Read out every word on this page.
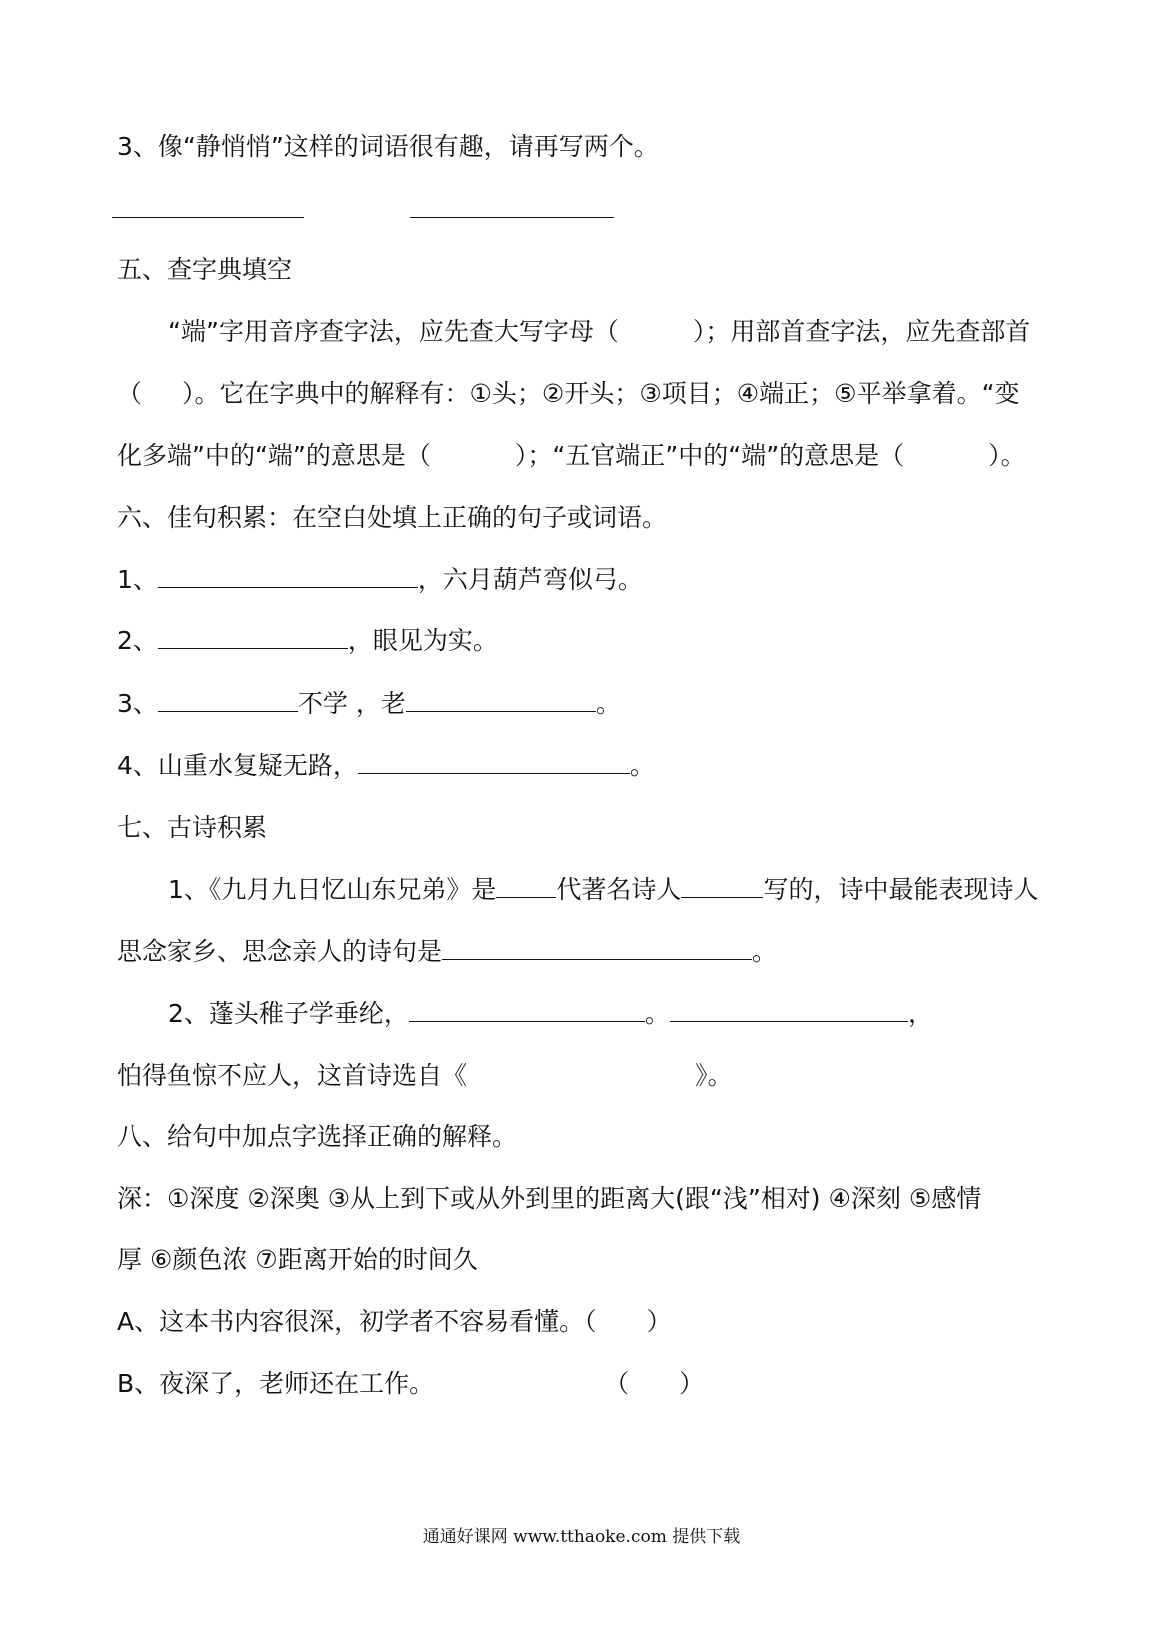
3、像“静悄悄”这样的词语很有趣，请再写两个。
五、查字典填空
“端”字用音序查字法，应先查大写字母（	）；用部首查字法，应先查部首
（ ）。它在字典中的解释有：①头；②开头；③项目；④端正；⑤平举拿着。“变
化多端”中的“端”的意思是（	）；“五官端正”中的“端”的意思是（	）。
六、佳句积累：在空白处填上正确的句子或词语。
1、	，六月葫芦弯似弓。
2、	，眼见为实。
3、	不学 ，老	。
4、山重水复疑无路，	。
七、古诗积累
1、《九月九日忆山东兄弟》是 代著名诗人	写的，诗中最能表现诗人
思念家乡、思念亲人的诗句是	。
2、蓬头稚子学垂纶，	。	，
怕得鱼惊不应人，这首诗选自《	》。
八、给句中加点字选择正确的解释。
深：①深度 ②深奥 ③从上到下或从外到里的距离大(跟“浅”相对) ④深刻 ⑤感情
厚 ⑥颜色浓 ⑦距离开始的时间久
A、这本书内容很深，初学者不容易看懂。（　　）
B、夜深了，老师还在工作。	（　　）
通通好课网 www.tthaoke.com 提供下载
